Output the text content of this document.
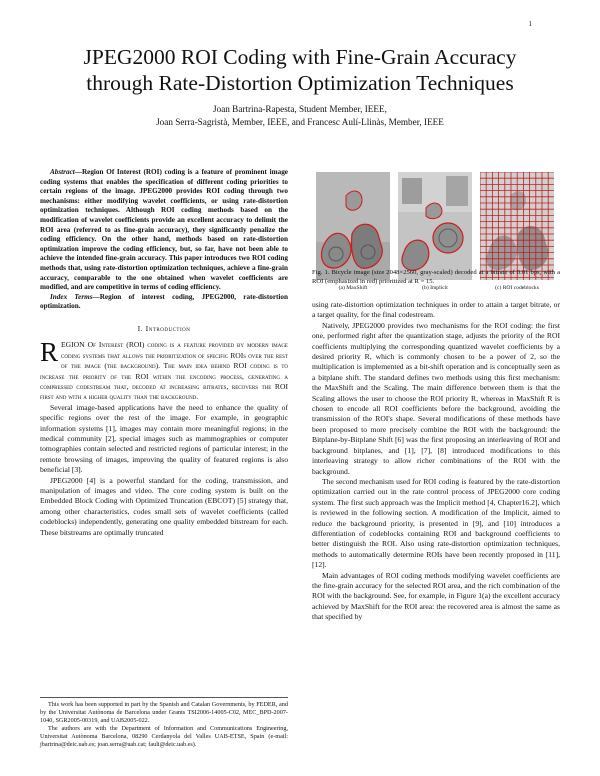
1
JPEG2000 ROI Coding with Fine-Grain Accuracy
through Rate-Distortion Optimization Techniques
Joan Bartrina-Rapesta, Student Member, IEEE,
Joan Serra-Sagristà, Member, IEEE, and Francesc Aulí-Llinàs, Member, IEEE

Abstract—Region Of Interest (ROI) coding is a feature of prominent image coding systems that enables the specification of different coding priorities to certain regions of the image. JPEG2000 provides ROI coding through two mechanisms: either modifying wavelet coefficients, or using rate-distortion optimization techniques. Although ROI coding methods based on the modification of wavelet coefficients provide an excellent accuracy to delimit the ROI area (referred to as fine-grain accuracy), they significantly penalize the coding efficiency. On the other hand, methods based on rate-distortion optimization improve the coding efficiency, but, so far, have not been able to achieve the intended fine-grain accuracy. This paper introduces two ROI coding methods that, using rate-distortion optimization techniques, achieve a fine-grain accuracy, comparable to the one obtained when wavelet coefficients are modified, and are competitive in terms of coding efficiency.

Index Terms—Region of interest coding, JPEG2000, rate-distortion optimization.

I. Introduction

REGION Of Interest (ROI) coding is a feature provided by modern image coding systems that allows the prioritization of specific ROIs over the rest of the image (the background). The main idea behind ROI coding is to increase the priority of the ROI within the encoding process, generating a compressed codestream that, decoded at increasing bitrates, recovers the ROI first and with a higher quality than the background.

Several image-based applications have the need to enhance the quality of specific regions over the rest of the image. For example, in geographic information systems [1], images may contain more meaningful regions; in the medical community [2], special images such as mammographies or computer tomographies contain selected and restricted regions of particular interest; in the remote browsing of images, improving the quality of featured regions is also beneficial [3].

JPEG2000 [4] is a powerful standard for the coding, transmission, and manipulation of images and video. The core coding system is built on the Embedded Block Coding with Optimized Truncation (EBCOT) [5] strategy that, among other characteristics, codes small sets of wavelet coefficients (called codeblocks) independently, generating one quality embedded bitstream for each. These bitstreams are optimally truncated

This work has been supported in part by the Spanish and Catalan Governments, by FEDER, and by the Universitat Autònoma de Barcelona under Grants TSI2006-14005-C02, MEC_BPD-2007-1040, SGR2005-00319, and UAB2005-022.

The authors are with the Department of Information and Communications Engineering, Universitat Autònoma Barcelona, 08290 Cerdanyola del Valles UAB-ETSE, Spain (e-mail: jbartrina@deic.uab.es; joan.serra@uab.cat; fauli@deic.uab.es).

(a) MaxShift	(b) Implicit	(c) ROI codeblocks
Fig. 1. Bicycle image (size 2048×2560, gray-scaled) decoded at a bitrate of 0.01 bps, with a ROI (emphasized in red) prioritized at R = 15.

using rate-distortion optimization techniques in order to attain a target bitrate, or a target quality, for the final codestream.

Natively, JPEG2000 provides two mechanisms for the ROI coding: the first one, performed right after the quantization stage, adjusts the priority of the ROI coefficients multiplying the corresponding quantized wavelet coefficients by a desired priority R, which is commonly chosen to be a power of 2, so the multiplication is implemented as a bit-shift operation and is conceptually seen as a bitplane shift. The standard defines two methods using this first mechanism: the MaxShift and the Scaling. The main difference between them is that the Scaling allows the user to choose the ROI priority R, whereas in MaxShift R is chosen to encode all ROI coefficients before the background, avoiding the transmission of the ROI's shape. Several modifications of these methods have been proposed to more precisely combine the ROI with the background: the Bitplane-by-Bitplane Shift [6] was the first proposing an interleaving of ROI and background bitplanes, and [1], [7], [8] introduced modifications to this interleaving strategy to allow richer combinations of the ROI with the background.

The second mechanism used for ROI coding is featured by the rate-distortion optimization carried out in the rate control process of JPEG2000 core coding system. The first such approach was the Implicit method [4, Chapter16.2], which is reviewed in the following section. A modification of the Implicit, aimed to reduce the background priority, is presented in [9], and [10] introduces a differentiation of codeblocks containing ROI and background coefficients to better distinguish the ROI. Also using rate-distortion optimization techniques, methods to automatically determine ROIs have been recently proposed in [11], [12].

Main advantages of ROI coding methods modifying wavelet coefficients are the fine-grain accuracy for the selected ROI area, and the rich combination of the ROI with the background. See, for example, in Figure 1(a) the excellent accuracy achieved by MaxShift for the ROI area: the recovered area is almost the same as that specified by
